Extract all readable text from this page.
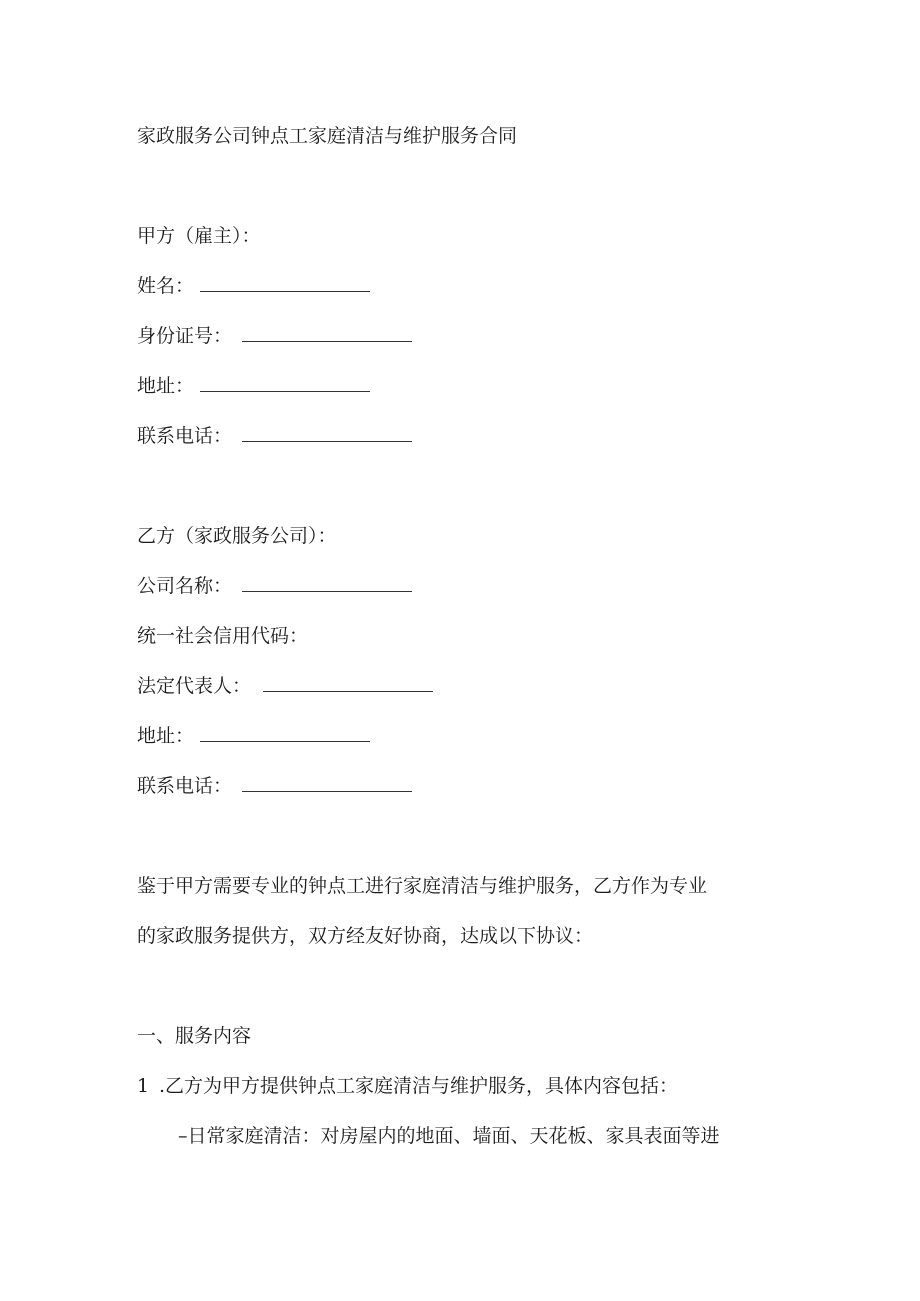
家政服务公司钟点工家庭清洁与维护服务合同
甲方（雇主）：
姓名：
身份证号：
地址：
联系电话：
乙方（家政服务公司）：
公司名称：
统一社会信用代码：
法定代表人：
地址：
联系电话：
鉴于甲方需要专业的钟点工进行家庭清洁与维护服务，乙方作为专业
的家政服务提供方，双方经友好协商，达成以下协议：
一、服务内容
1 .乙方为甲方提供钟点工家庭清洁与维护服务，具体内容包括：
–日常家庭清洁：对房屋内的地面、墙面、天花板、家具表面等进
